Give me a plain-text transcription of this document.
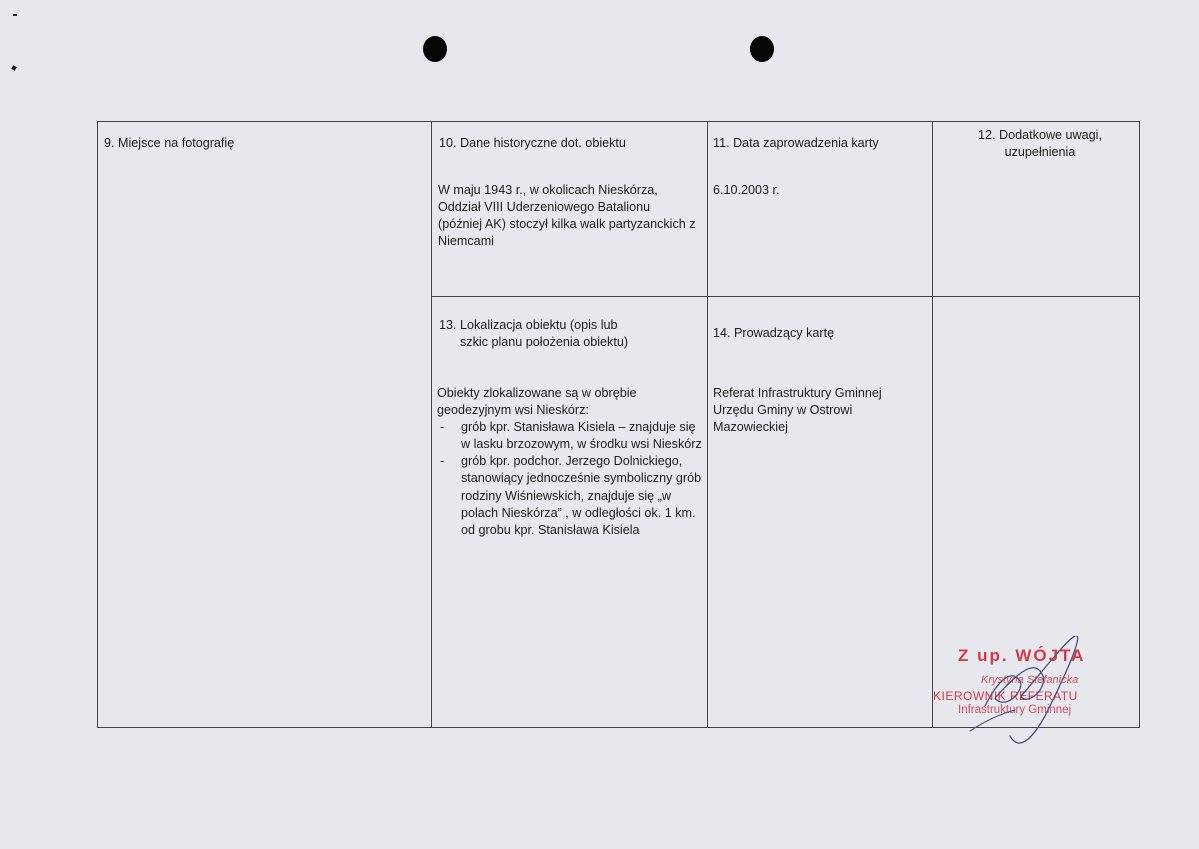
9. Miejsce na fotografię	10. Dane historyczne dot. obiektu
W maju 1943 r., w okolicach Nieskórza, Oddział VIII Uderzeniowego Batalionu (później AK) stoczył kilka walk partyzanckich z Niemcami
13. Lokalizacja obiektu (opis lub
szkic planu położenia obiektu)
Obiekty zlokalizowane są w obrębie geodezyjnym wsi Nieskórz:
- grób kpr. Stanisława Kisiela – znajduje się w lasku brzozowym, w środku wsi Nieskórz
- grób kpr. podchor. Jerzego Dolnickiego, stanowiący jednocześnie symboliczny grób rodziny Wiśniewskich, znajduje się „w polach Nieskórza” , w odległości ok. 1 km. od grobu kpr. Stanisława Kisiela
11. Data zaprowadzenia karty
6.10.2003 r.
14. Prowadzący kartę
Referat Infrastruktury Gminnej Urzędu Gminy w Ostrowi Mazowieckiej
12. Dodatkowe uwagi,
uzupełnienia
Z up. WÓJTA
Krystyna Stefanicka
KIEROWNIK REFERATU
Infrastruktury Gminnej
